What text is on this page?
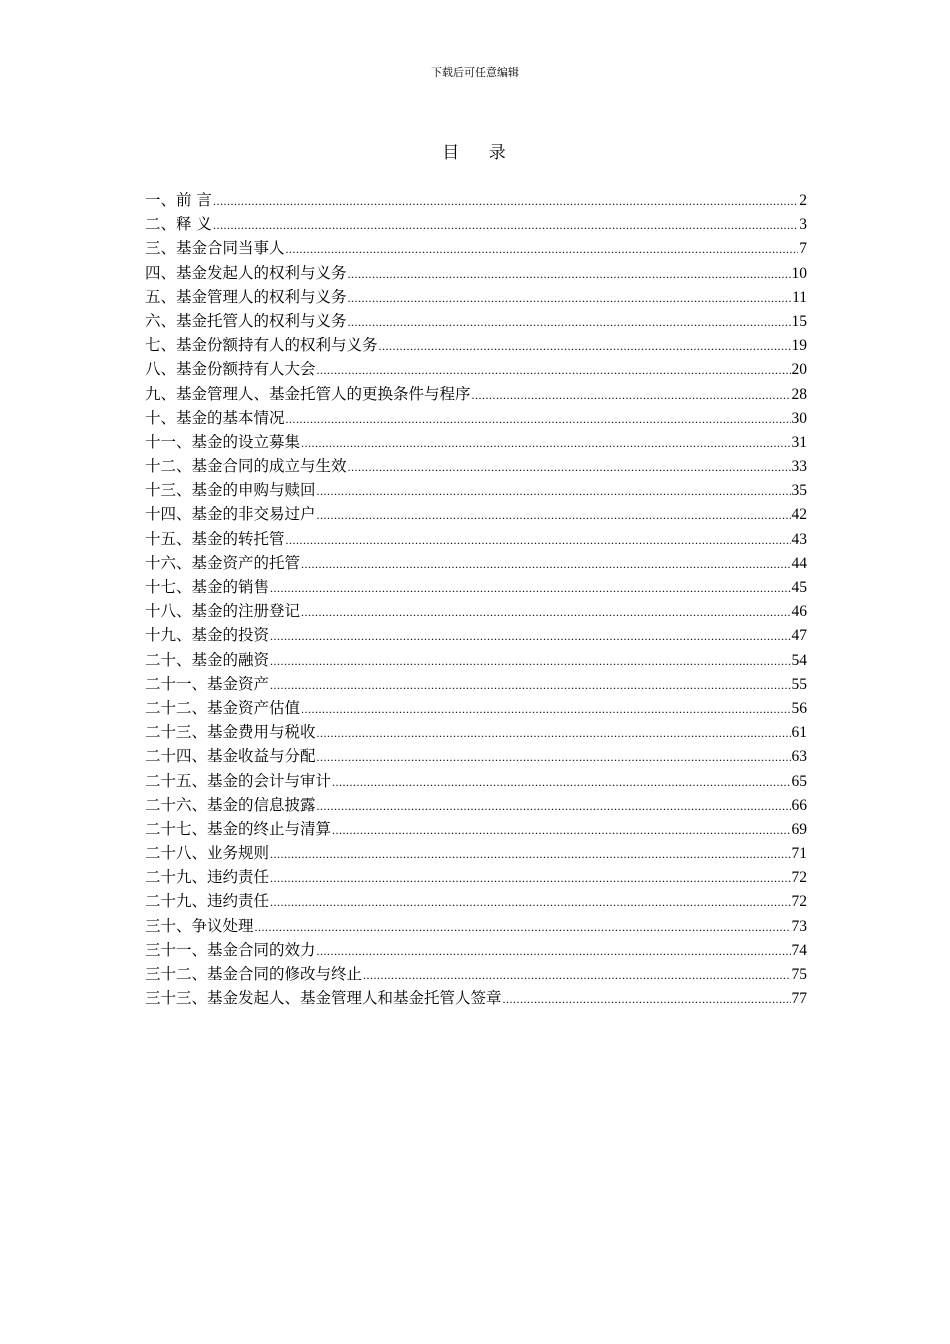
下载后可任意编辑
目 录
一、前 言 .....	2
二、释 义 .....	3
三、基金合同当事人 .....	7
四、基金发起人的权利与义务 .....	10
五、基金管理人的权利与义务 .....	11
六、基金托管人的权利与义务 .....	15
七、基金份额持有人的权利与义务 .....	19
八、基金份额持有人大会 .....	20
九、基金管理人、基金托管人的更换条件与程序 .....	28
十、基金的基本情况 .....	30
十一、基金的设立募集 .....	31
十二、基金合同的成立与生效 .....	33
十三、基金的申购与赎回 .....	35
十四、基金的非交易过户 .....	42
十五、基金的转托管 .....	43
十六、基金资产的托管 .....	44
十七、基金的销售 .....	45
十八、基金的注册登记 .....	46
十九、基金的投资 .....	47
二十、基金的融资 .....	54
二十一、基金资产 .....	55
二十二、基金资产估值 .....	56
二十三、基金费用与税收 .....	61
二十四、基金收益与分配 .....	63
二十五、基金的会计与审计 .....	65
二十六、基金的信息披露 .....	66
二十七、基金的终止与清算 .....	69
二十八、业务规则 .....	71
二十九、违约责任 .....	72
二十九、违约责任 .....	72
三十、争议处理 .....	73
三十一、基金合同的效力 .....	74
三十二、基金合同的修改与终止 .....	75
三十三、基金发起人、基金管理人和基金托管人签章 .....	77
